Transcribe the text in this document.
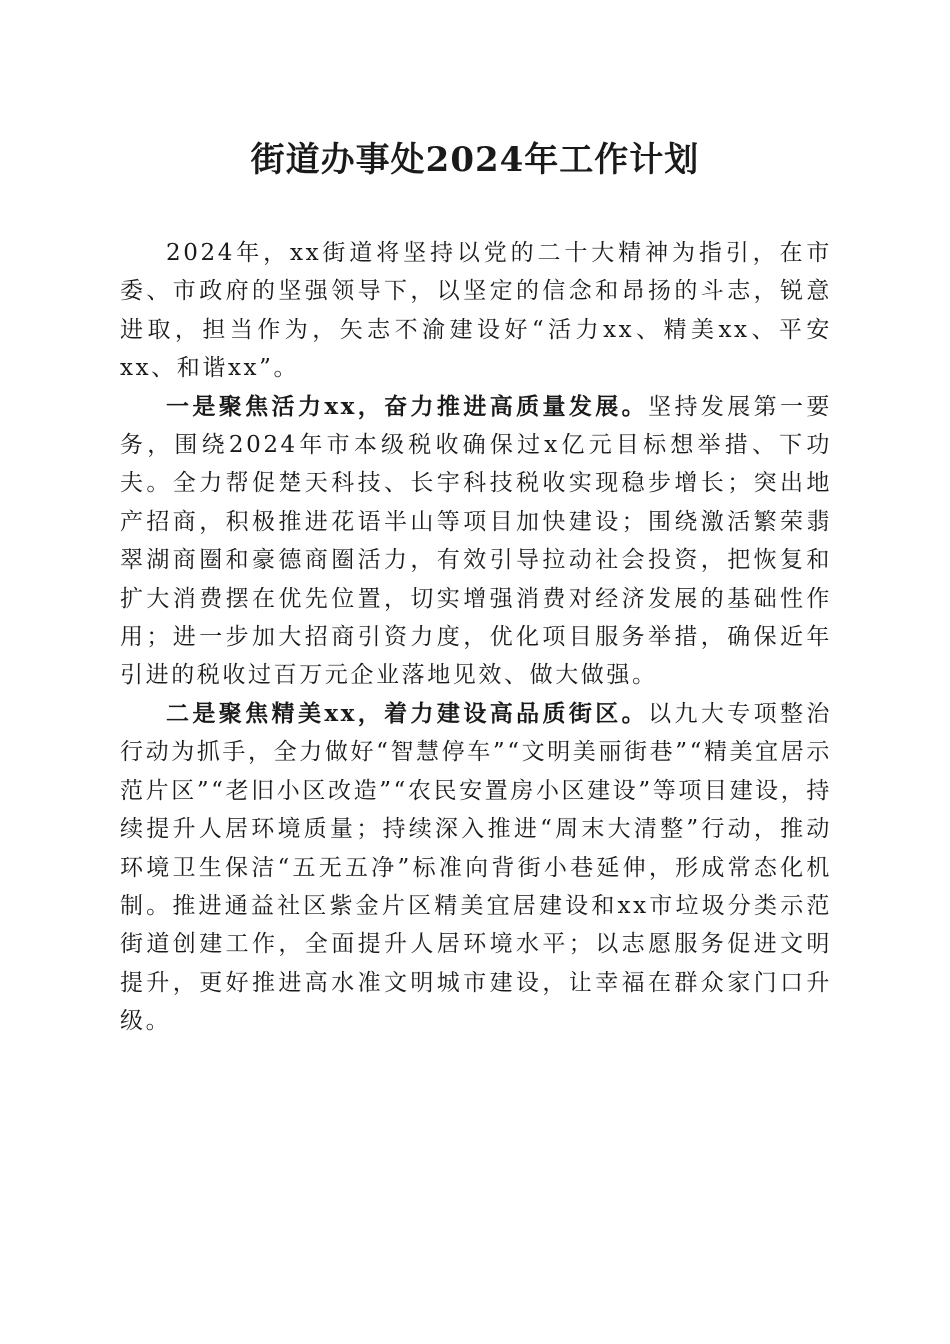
街道办事处2024年工作计划

2024年，xx街道将坚持以党的二十大精神为指引，在市委、市政府的坚强领导下，以坚定的信念和昂扬的斗志，锐意进取，担当作为，矢志不渝建设好“活力xx、精美xx、平安xx、和谐xx”。

一是聚焦活力xx，奋力推进高质量发展。坚持发展第一要务，围绕2024年市本级税收确保过x亿元目标想举措、下功夫。全力帮促楚天科技、长宇科技税收实现稳步增长；突出地产招商，积极推进花语半山等项目加快建设；围绕激活繁荣翡翠湖商圈和豪德商圈活力，有效引导拉动社会投资，把恢复和扩大消费摆在优先位置，切实增强消费对经济发展的基础性作用；进一步加大招商引资力度，优化项目服务举措，确保近年引进的税收过百万元企业落地见效、做大做强。

二是聚焦精美xx，着力建设高品质街区。以九大专项整治行动为抓手，全力做好“智慧停车”“文明美丽街巷”“精美宜居示范片区”“老旧小区改造”“农民安置房小区建设”等项目建设，持续提升人居环境质量；持续深入推进“周末大清整”行动，推动环境卫生保洁“五无五净”标准向背街小巷延伸，形成常态化机制。推进通益社区紫金片区精美宜居建设和xx市垃圾分类示范街道创建工作，全面提升人居环境水平；以志愿服务促进文明提升，更好推进高水准文明城市建设，让幸福在群众家门口升级。
